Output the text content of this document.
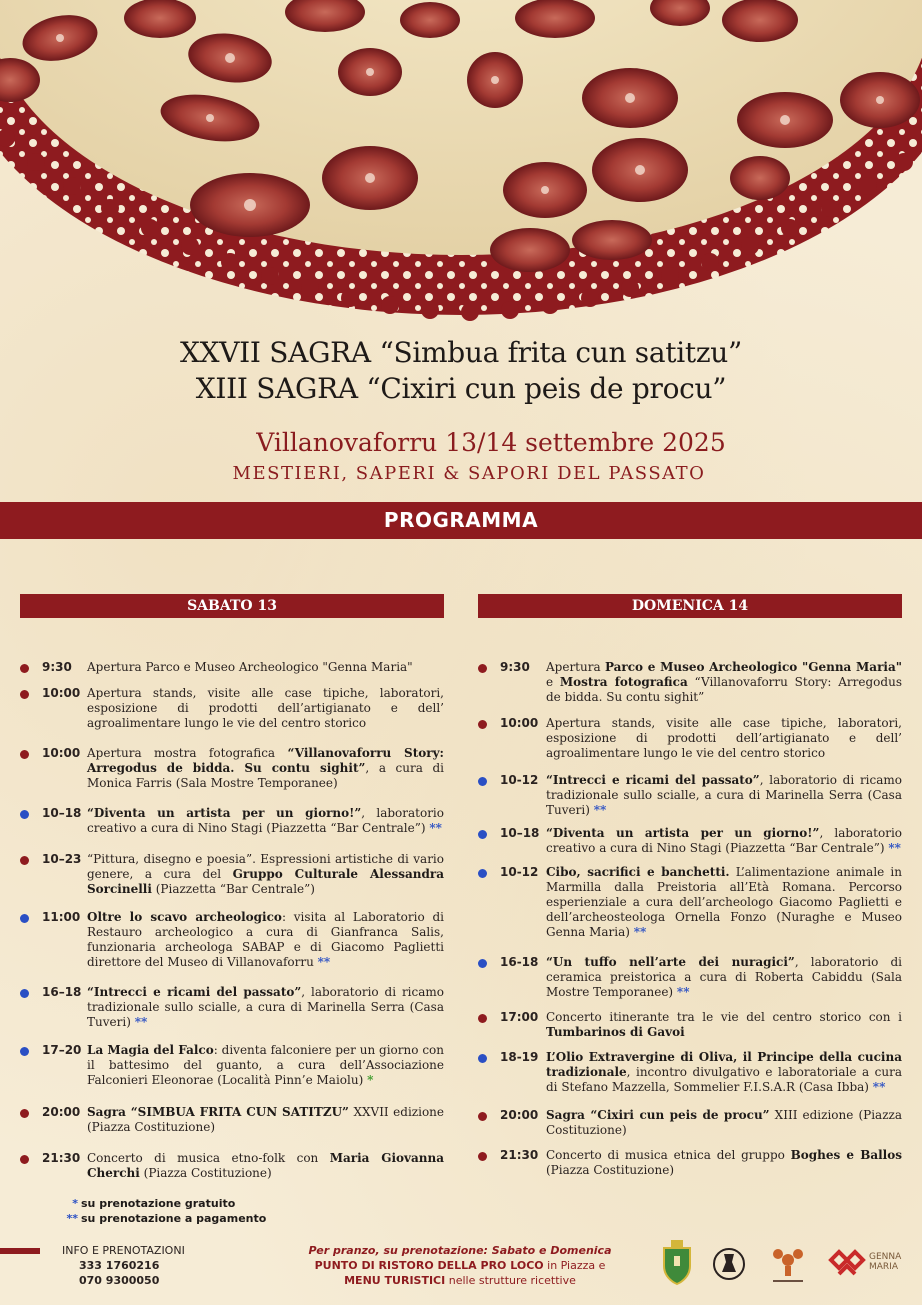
XXVII SAGRA “Simbua frita cun satitzu”
XIII SAGRA “Cixiri cun peis de procu”
Villanovaforru 13/14 settembre 2025
MESTIERI, SAPERI & SAPORI DEL PASSATO
PROGRAMMA
SABATO 13
9:30 Apertura Parco e Museo Archeologico "Genna Maria"
10:00 Apertura stands, visite alle case tipiche, laboratori, esposizione di prodotti dell’artigianato e dell’ agroalimentare lungo le vie del centro storico
10:00 Apertura mostra fotografica “Villanovaforru Story: Arregodus de bidda. Su contu sighit”, a cura di Monica Farris (Sala Mostre Temporanee)
10–18 “Diventa un artista per un giorno!”, laboratorio creativo a cura di Nino Stagi (Piazzetta “Bar Centrale”) **
10–23 “Pittura, disegno e poesia”. Espressioni artistiche di vario genere, a cura del Gruppo Culturale Alessandra Sorcinelli (Piazzetta “Bar Centrale”)
11:00 Oltre lo scavo archeologico: visita al Laboratorio di Restauro archeologico a cura di Gianfranca Salis, funzionaria archeologa SABAP e di Giacomo Paglietti direttore del Museo di Villanovaforru **
16–18 “Intrecci e ricami del passato”, laboratorio di ricamo tradizionale sullo scialle, a cura di Marinella Serra (Casa Tuveri) **
17–20 La Magia del Falco: diventa falconiere per un giorno con il battesimo del guanto, a cura dell’Associazione Falconieri Eleonorae (Località Pinn’e Maiolu) *
20:00 Sagra “SIMBUA FRITA CUN SATITZU” XXVII edizione (Piazza Costituzione)
21:30 Concerto di musica etno-folk con Maria Giovanna Cherchi (Piazza Costituzione)
DOMENICA 14
9:30 Apertura Parco e Museo Archeologico "Genna Maria" e Mostra fotografica “Villanovaforru Story: Arregodus de bidda. Su contu sighit”
10:00 Apertura stands, visite alle case tipiche, laboratori, esposizione di prodotti dell’artigianato e dell’ agroalimentare lungo le vie del centro storico
10-12 “Intrecci e ricami del passato”, laboratorio di ricamo tradizionale sullo scialle, a cura di Marinella Serra (Casa Tuveri) **
10–18 “Diventa un artista per un giorno!”, laboratorio creativo a cura di Nino Stagi (Piazzetta “Bar Centrale”) **
10-12 Cibo, sacrifici e banchetti. L’alimentazione animale in Marmilla dalla Preistoria all’Età Romana. Percorso esperienziale a cura dell’archeologo Giacomo Paglietti e dell’archeosteologa Ornella Fonzo (Nuraghe e Museo Genna Maria) **
16-18 “Un tuffo nell’arte dei nuragici”, laboratorio di ceramica preistorica a cura di Roberta Cabiddu (Sala Mostre Temporanee) **
17:00 Concerto itinerante tra le vie del centro storico con i Tumbarinos di Gavoi
18-19 L’Olio Extravergine di Oliva, il Principe della cucina tradizionale, incontro divulgativo e laboratoriale a cura di Stefano Mazzella, Sommelier F.I.S.A.R (Casa Ibba) **
20:00 Sagra “Cixiri cun peis de procu” XIII edizione (Piazza Costituzione)
21:30 Concerto di musica etnica del gruppo Boghes e Ballos (Piazza Costituzione)
* su prenotazione gratuito
** su prenotazione a pagamento
INFO E PRENOTAZIONI
333 1760216
070 9300050
Per pranzo, su prenotazione: Sabato e Domenica
PUNTO DI RISTORO DELLA PRO LOCO in Piazza e
MENU TURISTICI nelle strutture ricettive
GENNA MARIA
